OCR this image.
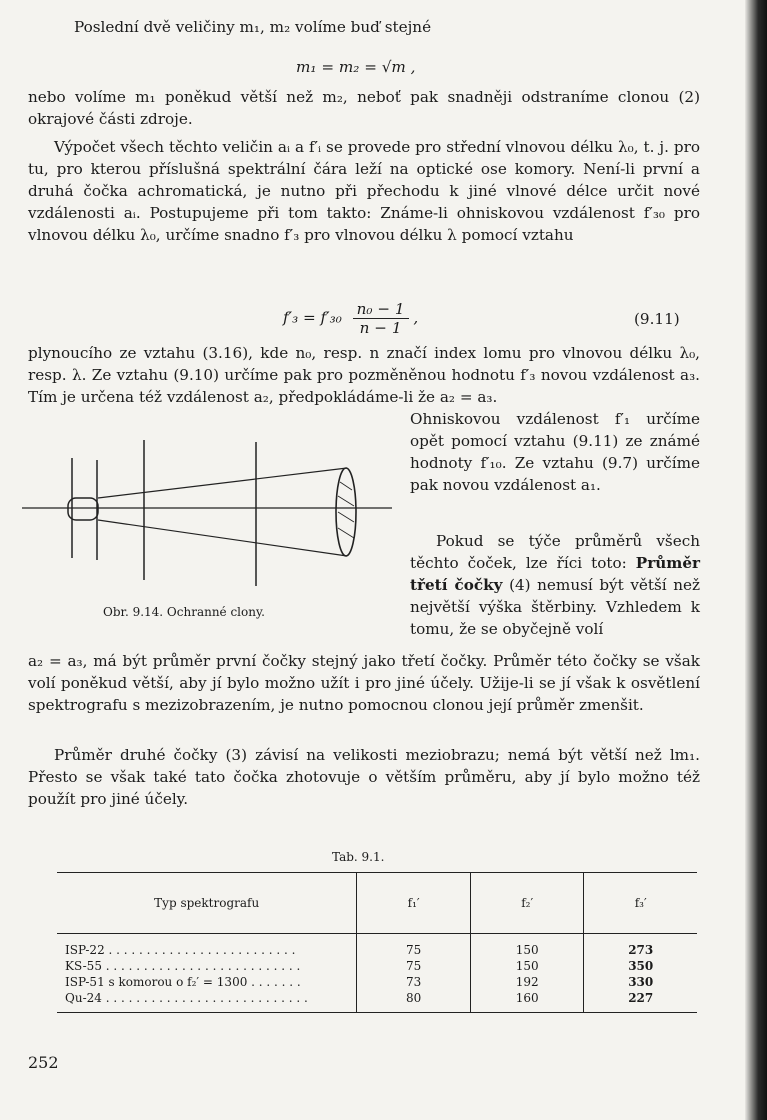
Poslední dvě veličiny m₁, m₂ volíme buď stejné

m₁ = m₂ = √m ,

nebo volíme m₁ poněkud větší než m₂, neboť pak snadněji odstraníme clonou (2) okrajové části zdroje.

Výpočet všech těchto veličin aᵢ a f′ᵢ se provede pro střední vlnovou délku λ₀, t. j. pro tu, pro kterou příslušná spektrální čára leží na optické ose komory. Není-li první a druhá čočka achromatická, je nutno při přechodu k jiné vlnové délce určit nové vzdálenosti aᵢ. Postupujeme při tom takto: Známe-li ohniskovou vzdálenost f′₃₀ pro vlnovou délku λ₀, určíme snadno f′₃ pro vlnovou délku λ pomocí vztahu

$f'_3 = f'_{30} \frac{\text{n₀ − 1}}{n - 1}$ ,	(9.11)

plynoucího ze vztahu (3.16), kde n₀, resp. n značí index lomu pro vlnovou délku λ₀, resp. λ. Ze vztahu (9.10) určíme pak pro pozměněnou hodnotu f′₃ novou vzdálenost a₃. Tím je určena též vzdálenost a₂, předpokládáme-li že a₂ = a₃.

Obr. 9.14. Ochranné clony.

Ohniskovou vzdálenost f′₁ určíme opět pomocí vztahu (9.11) ze známé hodnoty f′₁₀. Ze vztahu (9.7) určíme pak novou vzdálenost a₁.

Pokud se týče průměrů všech těchto čoček, lze říci toto: Průměr třetí čočky (4) nemusí být větší než největší výška štěrbiny. Vzhledem k tomu, že se obyčejně volí

a₂ = a₃, má být průměr první čočky stejný jako třetí čočky. Průměr této čočky se však volí poněkud větší, aby jí bylo možno užít i pro jiné účely. Užije-li se jí však k osvětlení spektrografu s mezizobrazením, je nutno pomocnou clonou její průměr zmenšit.

Průměr druhé čočky (3) závisí na velikosti meziobrazu; nemá být větší než lm₁. Přesto se však také tato čočka zhotovuje o větším průměru, aby jí bylo možno též použít pro jiné účely.

Tab. 9.1.
Typ spektrografu	f₁′	f₂′	f₃′
ISP-22 . . . . . . . . . . . . . . . . . . . . . . . . .	75	150	273
KS-55 . . . . . . . . . . . . . . . . . . . . . . . . . .	75	150	350
ISP-51 s komorou o f₂′ = 1300 . . . . . . .	73	192	330
Qu-24 . . . . . . . . . . . . . . . . . . . . . . . . . . .	80	160	227
252
